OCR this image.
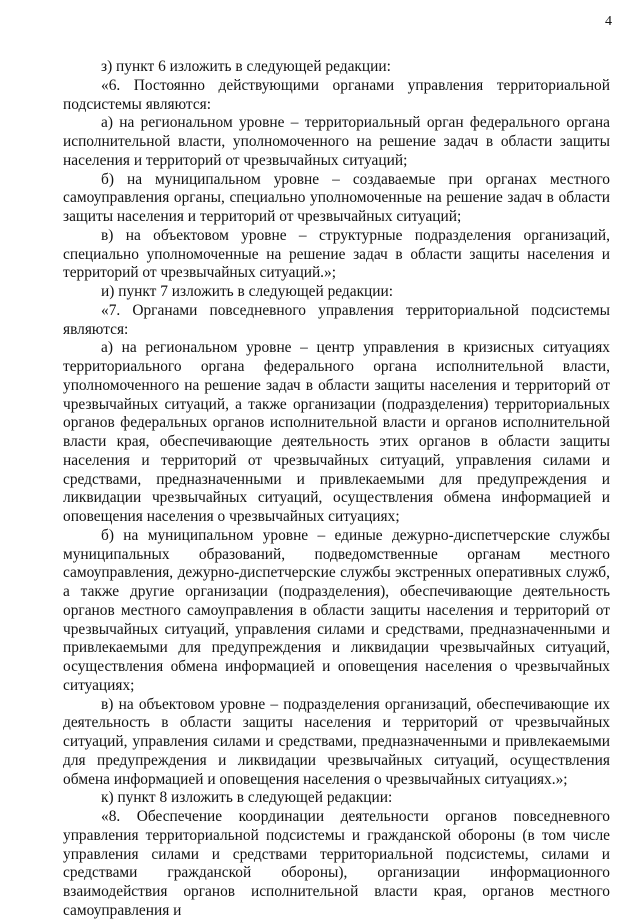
4

з) пункт 6 изложить в следующей редакции:

«6. Постоянно действующими органами управления территориальной подсистемы являются:

а) на региональном уровне – территориальный орган федерального органа исполнительной власти, уполномоченного на решение задач в области защиты населения и территорий от чрезвычайных ситуаций;

б) на муниципальном уровне – создаваемые при органах местного самоуправления органы, специально уполномоченные на решение задач в области защиты населения и территорий от чрезвычайных ситуаций;

в) на объектовом уровне – структурные подразделения организаций, специально уполномоченные на решение задач в области защиты населения и территорий от чрезвычайных ситуаций.»;

и) пункт 7 изложить в следующей редакции:

«7. Органами повседневного управления территориальной подсистемы являются:

а) на региональном уровне – центр управления в кризисных ситуациях территориального органа федерального органа исполнительной власти, уполномоченного на решение задач в области защиты населения и территорий от чрезвычайных ситуаций, а также организации (подразделения) территориальных органов федеральных органов исполнительной власти и органов исполнительной власти края, обеспечивающие деятельность этих органов в области защиты населения и территорий от чрезвычайных ситуаций, управления силами и средствами, предназначенными и привлекаемыми для предупреждения и ликвидации чрезвычайных ситуаций, осуществления обмена информацией и оповещения населения о чрезвычайных ситуациях;

б) на муниципальном уровне – единые дежурно-диспетчерские службы муниципальных образований, подведомственные органам местного самоуправления, дежурно-диспетчерские службы экстренных оперативных служб, а также другие организации (подразделения), обеспечивающие деятельность органов местного самоуправления в области защиты населения и территорий от чрезвычайных ситуаций, управления силами и средствами, предназначенными и привлекаемыми для предупреждения и ликвидации чрезвычайных ситуаций, осуществления обмена информацией и оповещения населения о чрезвычайных ситуациях;

в) на объектовом уровне – подразделения организаций, обеспечивающие их деятельность в области защиты населения и территорий от чрезвычайных ситуаций, управления силами и средствами, предназначенными и привлекаемыми для предупреждения и ликвидации чрезвычайных ситуаций, осуществления обмена информацией и оповещения населения о чрезвычайных ситуациях.»;

к) пункт 8 изложить в следующей редакции:

«8. Обеспечение координации деятельности органов повседневного управления территориальной подсистемы и гражданской обороны (в том числе управления силами и средствами территориальной подсистемы, силами и средствами гражданской обороны), организации информационного взаимодействия органов исполнительной власти края, органов местного самоуправления и
